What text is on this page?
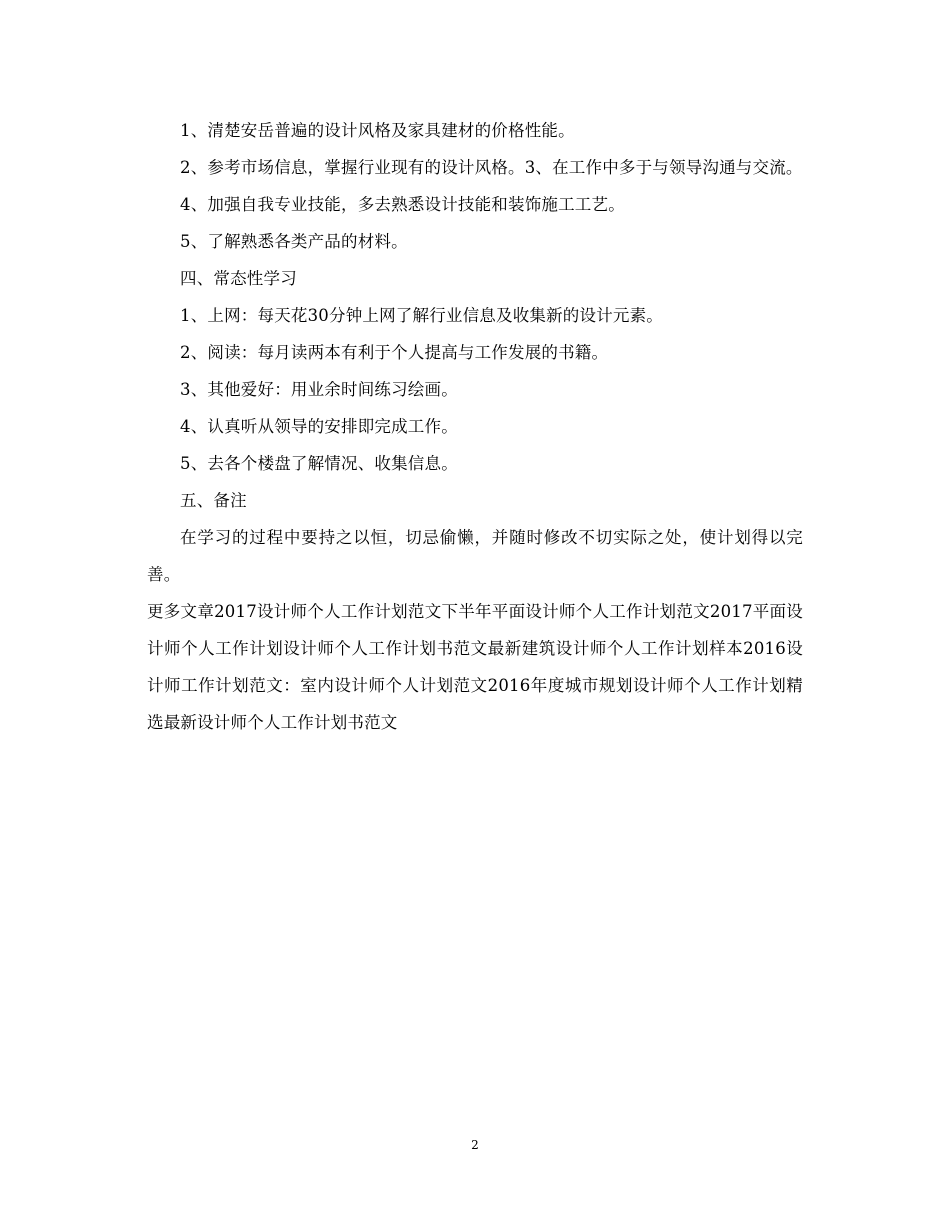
1、清楚安岳普遍的设计风格及家具建材的价格性能。

2、参考市场信息，掌握行业现有的设计风格。3、在工作中多于与领导沟通与交流。

4、加强自我专业技能，多去熟悉设计技能和装饰施工工艺。

5、了解熟悉各类产品的材料。

四、常态性学习

1、上网：每天花30分钟上网了解行业信息及收集新的设计元素。

2、阅读：每月读两本有利于个人提高与工作发展的书籍。

3、其他爱好：用业余时间练习绘画。

4、认真听从领导的安排即完成工作。

5、去各个楼盘了解情况、收集信息。

五、备注

在学习的过程中要持之以恒，切忌偷懒，并随时修改不切实际之处，使计划得以完善。

更多文章2017设计师个人工作计划范文下半年平面设计师个人工作计划范文2017平面设计师个人工作计划设计师个人工作计划书范文最新建筑设计师个人工作计划样本2016设计师工作计划范文：室内设计师个人计划范文2016年度城市规划设计师个人工作计划精选最新设计师个人工作计划书范文

2
